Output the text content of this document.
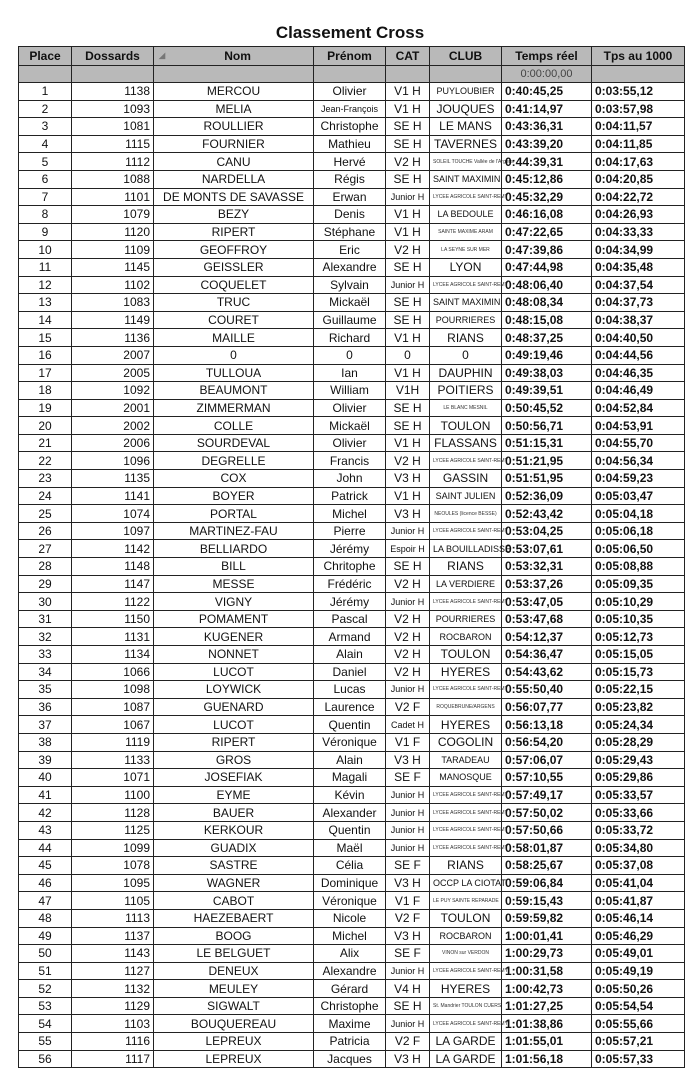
Classement Cross
Place	Dossards	◢ Nom	Prénom	CAT	CLUB	Temps réel	Tps au 1000
						0:00:00,00	
1	1138	MERCOU	Olivier	V1 H	PUYLOUBIER	0:40:45,25	0:03:55,12
2	1093	MELIA	Jean-François	V1 H	JOUQUES	0:41:14,97	0:03:57,98
3	1081	ROULLIER	Christophe	SE H	LE MANS	0:43:36,31	0:04:11,57
4	1115	FOURNIER	Mathieu	SE H	TAVERNES	0:43:39,20	0:04:11,85
5	1112	CANU	Hervé	V2 H	SOLEIL TOUCHE Vallée de l'Argens	0:44:39,31	0:04:17,63
6	1088	NARDELLA	Régis	SE H	SAINT MAXIMIN	0:45:12,86	0:04:20,85
7	1101	DE MONTS DE SAVASSE	Erwan	Junior H	LYCEE AGRICOLE SAINT-REMY	0:45:32,29	0:04:22,72
8	1079	BEZY	Denis	V1 H	LA BEDOULE	0:46:16,08	0:04:26,93
9	1120	RIPERT	Stéphane	V1 H	SAINTE MAXIME ARAM	0:47:22,65	0:04:33,33
10	1109	GEOFFROY	Eric	V2 H	LA SEYNE SUR MER	0:47:39,86	0:04:34,99
11	1145	GEISSLER	Alexandre	SE H	LYON	0:47:44,98	0:04:35,48
12	1102	COQUELET	Sylvain	Junior H	LYCEE AGRICOLE SAINT-REMY	0:48:06,40	0:04:37,54
13	1083	TRUC	Mickaël	SE H	SAINT MAXIMIN	0:48:08,34	0:04:37,73
14	1149	COURET	Guillaume	SE H	POURRIERES	0:48:15,08	0:04:38,37
15	1136	MAILLE	Richard	V1 H	RIANS	0:48:37,25	0:04:40,50
16	2007	0	0	0	0	0:49:19,46	0:04:44,56
17	2005	TULLOUA	Ian	V1 H	DAUPHIN	0:49:38,03	0:04:46,35
18	1092	BEAUMONT	William	V1H	POITIERS	0:49:39,51	0:04:46,49
19	2001	ZIMMERMAN	Olivier	SE H	LE BLANC MESNIL	0:50:45,52	0:04:52,84
20	2002	COLLE	Mickaël	SE H	TOULON	0:50:56,71	0:04:53,91
21	2006	SOURDEVAL	Olivier	V1 H	FLASSANS	0:51:15,31	0:04:55,70
22	1096	DEGRELLE	Francis	V2 H	LYCEE AGRICOLE SAINT-REMY	0:51:21,95	0:04:56,34
23	1135	COX	John	V3 H	GASSIN	0:51:51,95	0:04:59,23
24	1141	BOYER	Patrick	V1 H	SAINT JULIEN	0:52:36,09	0:05:03,47
25	1074	PORTAL	Michel	V3 H	NEOULES (licence BESSE)	0:52:43,42	0:05:04,18
26	1097	MARTINEZ-FAU	Pierre	Junior H	LYCEE AGRICOLE SAINT-REMY	0:53:04,25	0:05:06,18
27	1142	BELLIARDO	Jérémy	Espoir H	LA BOUILLADISSE	0:53:07,61	0:05:06,50
28	1148	BILL	Chritophe	SE H	RIANS	0:53:32,31	0:05:08,88
29	1147	MESSE	Frédéric	V2 H	LA VERDIERE	0:53:37,26	0:05:09,35
30	1122	VIGNY	Jérémy	Junior H	LYCEE AGRICOLE SAINT-REMY	0:53:47,05	0:05:10,29
31	1150	POMAMENT	Pascal	V2 H	POURRIERES	0:53:47,68	0:05:10,35
32	1131	KUGENER	Armand	V2 H	ROCBARON	0:54:12,37	0:05:12,73
33	1134	NONNET	Alain	V2 H	TOULON	0:54:36,47	0:05:15,05
34	1066	LUCOT	Daniel	V2 H	HYERES	0:54:43,62	0:05:15,73
35	1098	LOYWICK	Lucas	Junior H	LYCEE AGRICOLE SAINT-REMY	0:55:50,40	0:05:22,15
36	1087	GUENARD	Laurence	V2 F	ROQUEBRUNE/ARGENS	0:56:07,77	0:05:23,82
37	1067	LUCOT	Quentin	Cadet H	HYERES	0:56:13,18	0:05:24,34
38	1119	RIPERT	Véronique	V1 F	COGOLIN	0:56:54,20	0:05:28,29
39	1133	GROS	Alain	V3 H	TARADEAU	0:57:06,07	0:05:29,43
40	1071	JOSEFIAK	Magali	SE F	MANOSQUE	0:57:10,55	0:05:29,86
41	1100	EYME	Kévin	Junior H	LYCEE AGRICOLE SAINT-REMY	0:57:49,17	0:05:33,57
42	1128	BAUER	Alexander	Junior H	LYCEE AGRICOLE SAINT-REMY	0:57:50,02	0:05:33,66
43	1125	KERKOUR	Quentin	Junior H	LYCEE AGRICOLE SAINT-REMY	0:57:50,66	0:05:33,72
44	1099	GUADIX	Maël	Junior H	LYCEE AGRICOLE SAINT-REMY	0:58:01,87	0:05:34,80
45	1078	SASTRE	Célia	SE F	RIANS	0:58:25,67	0:05:37,08
46	1095	WAGNER	Dominique	V3 H	OCCP LA CIOTAT	0:59:06,84	0:05:41,04
47	1105	CABOT	Véronique	V1 F	LE PUY SAINTE REPARADE	0:59:15,43	0:05:41,87
48	1113	HAEZEBAERT	Nicole	V2 F	TOULON	0:59:59,82	0:05:46,14
49	1137	BOOG	Michel	V3 H	ROCBARON	1:00:01,41	0:05:46,29
50	1143	LE BELGUET	Alix	SE F	VINON sur VERDON	1:00:29,73	0:05:49,01
51	1127	DENEUX	Alexandre	Junior H	LYCEE AGRICOLE SAINT-REMY	1:00:31,58	0:05:49,19
52	1132	MEULEY	Gérard	V4 H	HYERES	1:00:42,73	0:05:50,26
53	1129	SIGWALT	Christophe	SE H	St. Mandrier TOULON CUERS	1:01:27,25	0:05:54,54
54	1103	BOUQUEREAU	Maxime	Junior H	LYCEE AGRICOLE SAINT-REMY	1:01:38,86	0:05:55,66
55	1116	LEPREUX	Patricia	V2 F	LA GARDE	1:01:55,01	0:05:57,21
56	1117	LEPREUX	Jacques	V3 H	LA GARDE	1:01:56,18	0:05:57,33
